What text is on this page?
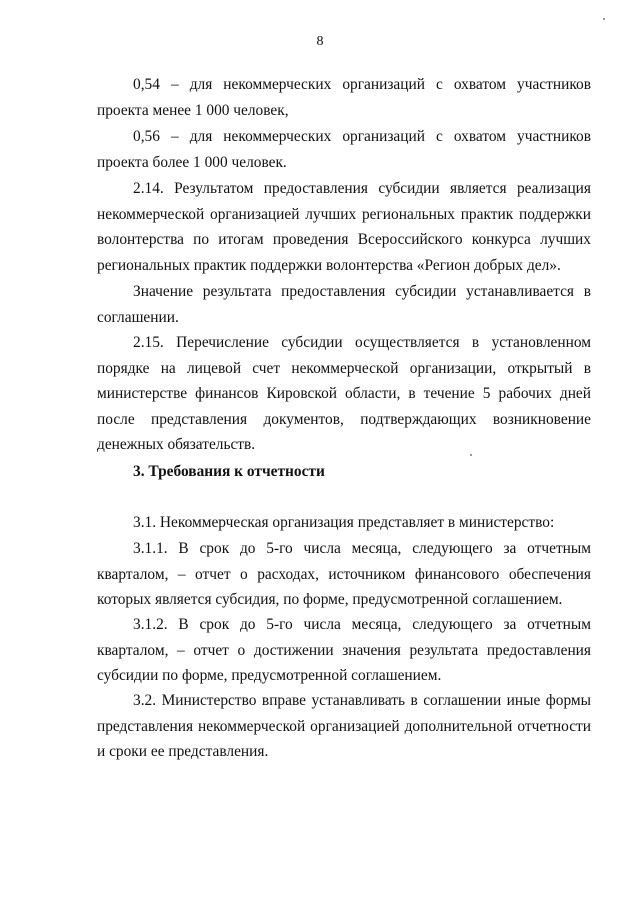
8

0,54 – для некоммерческих организаций с охватом участников проекта менее 1 000 человек,

0,56 – для некоммерческих организаций с охватом участников проекта более 1 000 человек.

2.14. Результатом предоставления субсидии является реализация некоммерческой организацией лучших региональных практик поддержки волонтерства по итогам проведения Всероссийского конкурса лучших региональных практик поддержки волонтерства «Регион добрых дел».

Значение результата предоставления субсидии устанавливается в соглашении.

2.15. Перечисление субсидии осуществляется в установленном порядке на лицевой счет некоммерческой организации, открытый в министерстве финансов Кировской области, в течение 5 рабочих дней после представления документов, подтверждающих возникновение денежных обязательств.

3. Требования к отчетности

3.1. Некоммерческая организация представляет в министерство:

3.1.1. В срок до 5-го числа месяца, следующего за отчетным кварталом, – отчет о расходах, источником финансового обеспечения которых является субсидия, по форме, предусмотренной соглашением.

3.1.2. В срок до 5-го числа месяца, следующего за отчетным кварталом, – отчет о достижении значения результата предоставления субсидии по форме, предусмотренной соглашением.

3.2. Министерство вправе устанавливать в соглашении иные формы представления некоммерческой организацией дополнительной отчетности и сроки ее представления.
